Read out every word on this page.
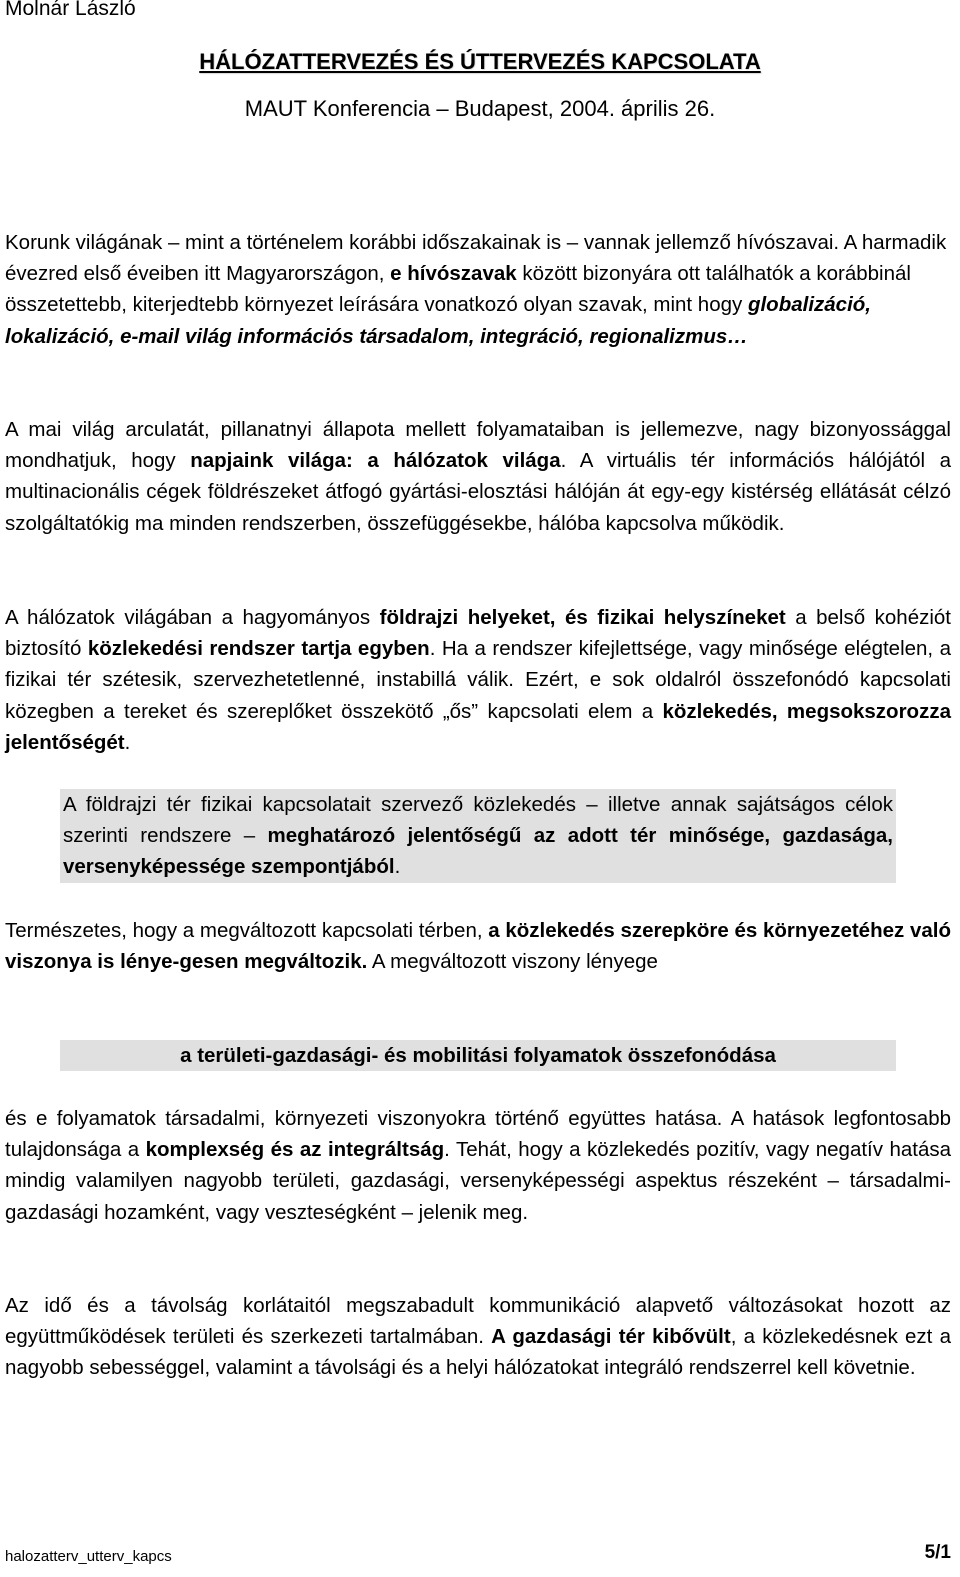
Molnár László
HÁLÓZATTERVEZÉS ÉS ÚTTERVEZÉS KAPCSOLATA
MAUT Konferencia – Budapest, 2004. április 26.

Korunk világának – mint a történelem korábbi időszakainak is – vannak jellemző hívószavai. A harmadik évezred első éveiben itt Magyarországon, e hívószavak között bizonyára ott találhatók a korábbinál összetettebb, kiterjedtebb környezet leírására vonatkozó olyan szavak, mint hogy globalizáció, lokalizáció, e-mail világ információs társadalom, integráció, regionalizmus…

A mai világ arculatát, pillanatnyi állapota mellett folyamataiban is jellemezve, nagy bizonyossággal mondhatjuk, hogy napjaink világa: a hálózatok világa. A virtuális tér információs hálójától a multinacionális cégek földrészeket átfogó gyártási-elosztási hálóján át egy-egy kistérség ellátását célzó szolgáltatókig ma minden rendszerben, összefüggésekbe, hálóba kapcsolva működik.

A hálózatok világában a hagyományos földrajzi helyeket, és fizikai helyszíneket a belső kohéziót biztosító közlekedési rendszer tartja egyben. Ha a rendszer kifejlettsége, vagy minősége elégtelen, a fizikai tér szétesik, szervezhetetlenné, instabillá válik. Ezért, e sok oldalról összefonódó kapcsolati közegben a tereket és szereplőket összekötő „ős” kapcsolati elem a közlekedés, megsokszorozza jelentőségét.

A földrajzi tér fizikai kapcsolatait szervező közlekedés – illetve annak sajátságos célok szerinti rendszere – meghatározó jelentőségű az adott tér minősége, gazdasága, versenyképessége szempontjából.

Természetes, hogy a megváltozott kapcsolati térben, a közlekedés szerepköre és környezetéhez való viszonya is lénye-gesen megváltozik. A megváltozott viszony lényege

a területi-gazdasági- és mobilitási folyamatok összefonódása

és e folyamatok társadalmi, környezeti viszonyokra történő együttes hatása. A hatások legfontosabb tulajdonsága a komplexség és az integráltság. Tehát, hogy a közlekedés pozitív, vagy negatív hatása mindig valamilyen nagyobb területi, gazdasági, versenyképességi aspektus részeként – társadalmi-gazdasági hozamként, vagy veszteségként – jelenik meg.

Az idő és a távolság korlátaitól megszabadult kommunikáció alapvető változásokat hozott az együttműködések területi és szerkezeti tartalmában. A gazdasági tér kibővült, a közlekedésnek ezt a nagyobb sebességgel, valamint a távolsági és a helyi hálózatokat integráló rendszerrel kell követnie.

halozatterv_utterv_kapcs	5/1
